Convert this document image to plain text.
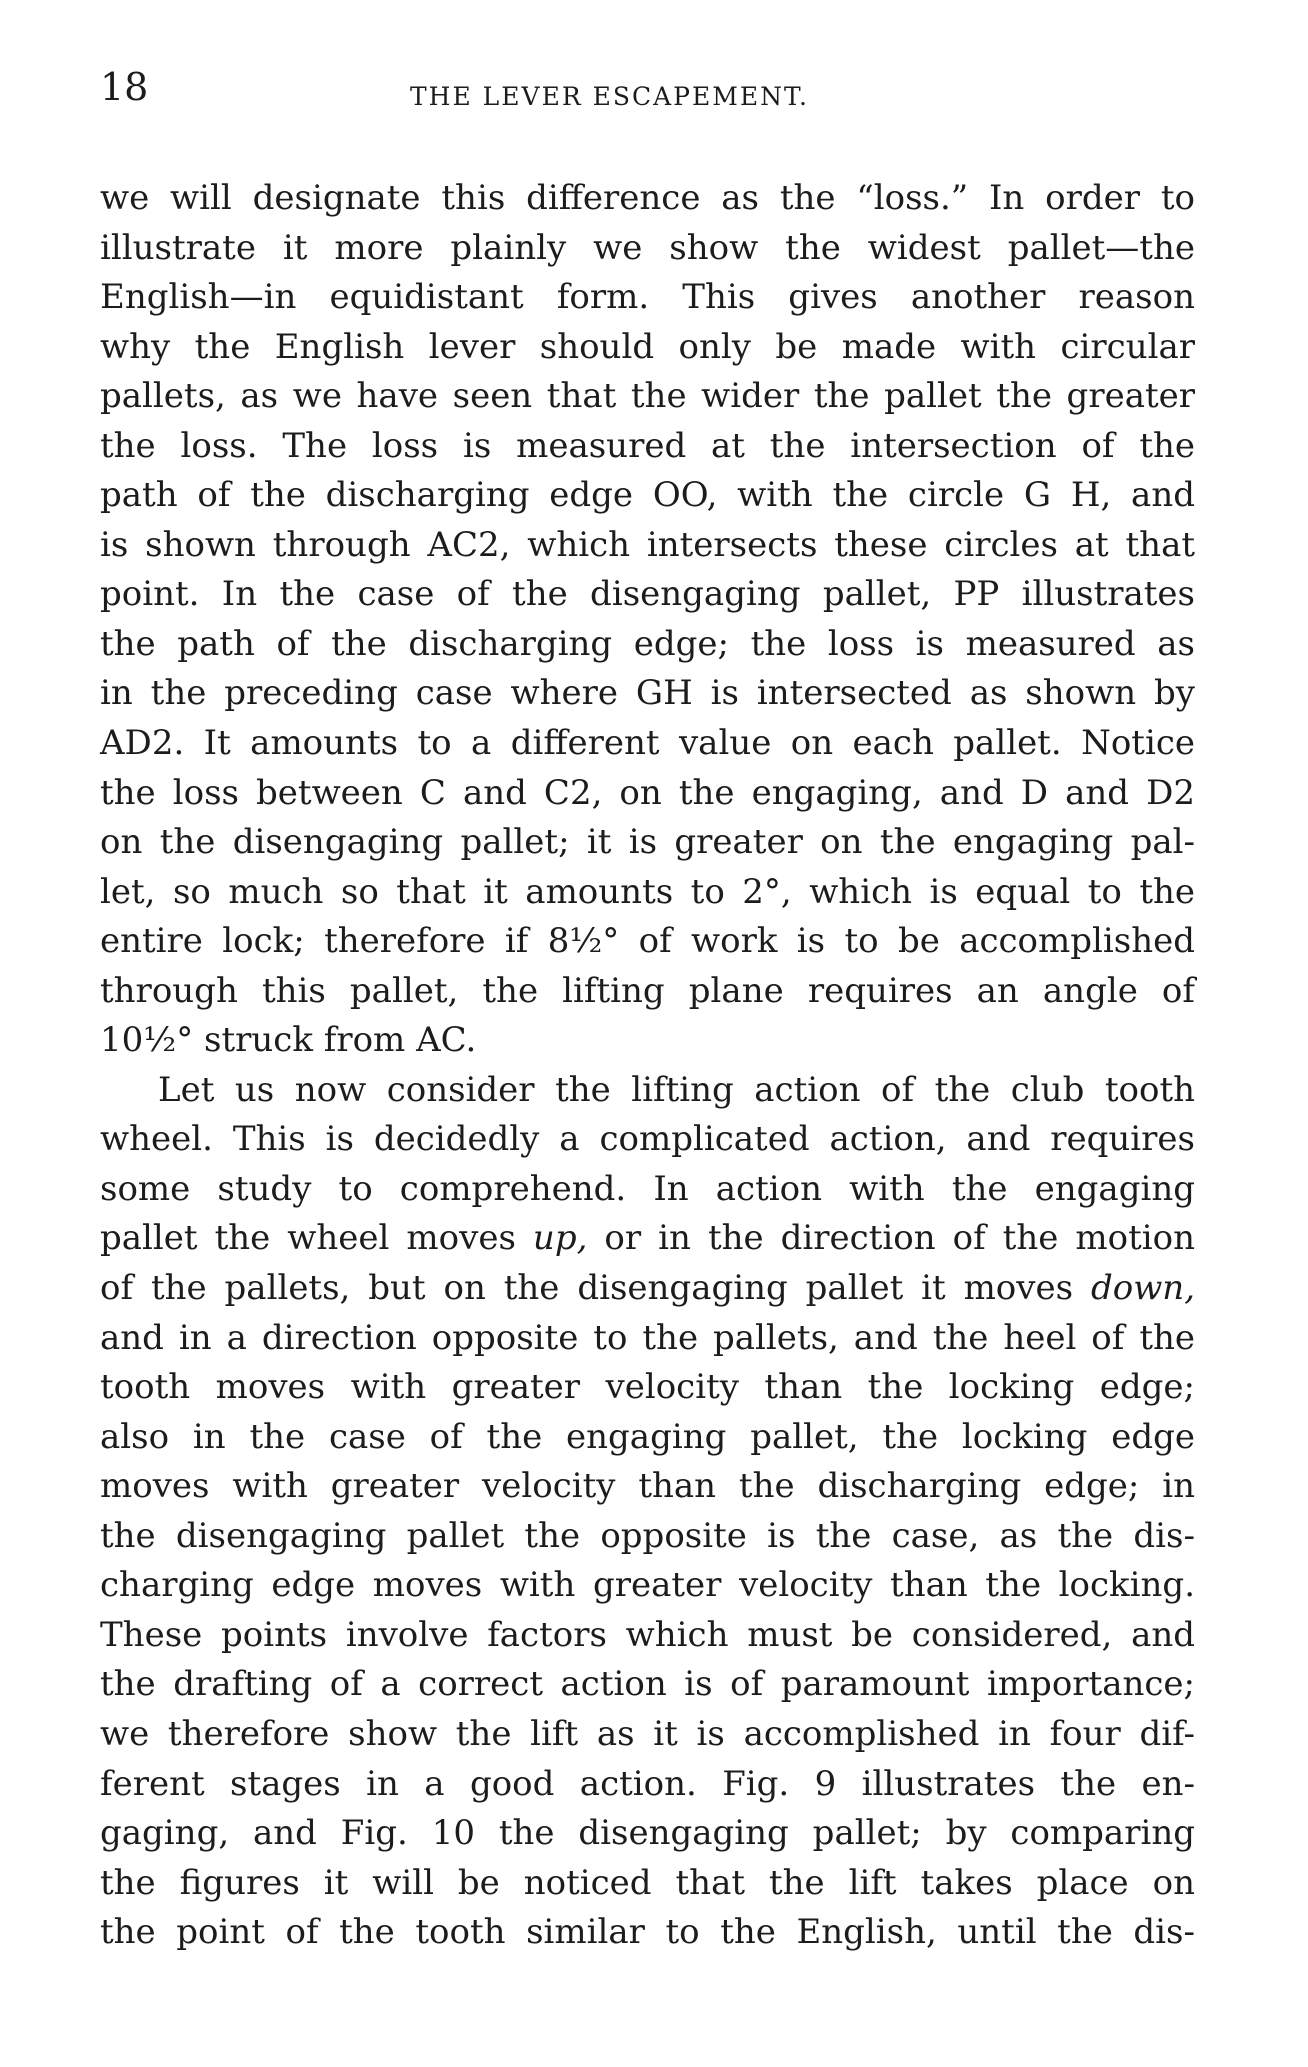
18	THE LEVER ESCAPEMENT.
we will designate this difference as the “loss.” In order to
illustrate it more plainly we show the widest pallet—the
English—in equidistant form. This gives another reason
why the English lever should only be made with circular
pallets, as we have seen that the wider the pallet the greater
the loss. The loss is measured at the intersection of the
path of the discharging edge OO, with the circle G H, and
is shown through AC2, which intersects these circles at that
point. In the case of the disengaging pallet, PP illustrates
the path of the discharging edge; the loss is measured as
in the preceding case where GH is intersected as shown by
AD2. It amounts to a different value on each pallet. Notice
the loss between C and C2, on the engaging, and D and D2
on the disengaging pallet; it is greater on the engaging pal-
let, so much so that it amounts to 2°, which is equal to the
entire lock; therefore if 8½° of work is to be accomplished
through this pallet, the lifting plane requires an angle of
10½° struck from AC.
Let us now consider the lifting action of the club tooth
wheel. This is decidedly a complicated action, and requires
some study to comprehend. In action with the engaging
pallet the wheel moves up, or in the direction of the motion
of the pallets, but on the disengaging pallet it moves down,
and in a direction opposite to the pallets, and the heel of the
tooth moves with greater velocity than the locking edge;
also in the case of the engaging pallet, the locking edge
moves with greater velocity than the discharging edge; in
the disengaging pallet the opposite is the case, as the dis-
charging edge moves with greater velocity than the locking.
These points involve factors which must be considered, and
the drafting of a correct action is of paramount importance;
we therefore show the lift as it is accomplished in four dif-
ferent stages in a good action. Fig. 9 illustrates the en-
gaging, and Fig. 10 the disengaging pallet; by comparing
the figures it will be noticed that the lift takes place on
the point of the tooth similar to the English, until the dis-
